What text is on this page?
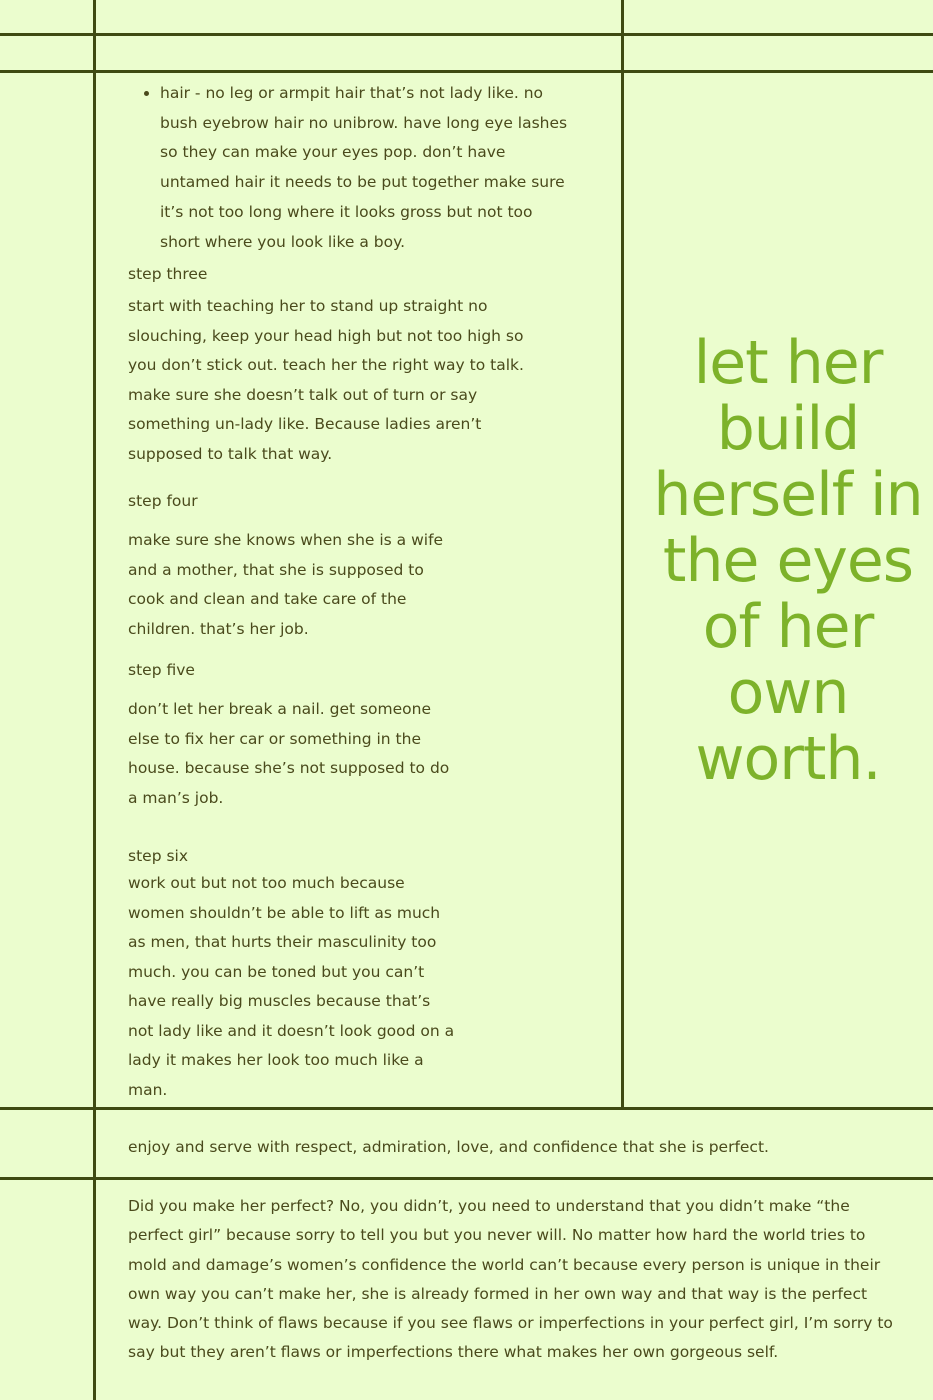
• hair - no leg or armpit hair that’s not lady like. no bush eyebrow hair no unibrow. have long eye lashes so they can make your eyes pop. don’t have untamed hair it needs to be put together make sure it’s not too long where it looks gross but not too short where you look like a boy.

step three

start with teaching her to stand up straight no slouching, keep your head high but not too high so you don’t stick out. teach her the right way to talk. make sure she doesn’t talk out of turn or say something un-lady like. Because ladies aren’t supposed to talk that way.

step four

make sure she knows when she is a wife and a mother, that she is supposed to cook and clean and take care of the children. that’s her job.

step five

don’t let her break a nail. get someone else to fix her car or something in the house. because she’s not supposed to do a man’s job.

step six

work out but not too much because women shouldn’t be able to lift as much as men, that hurts their masculinity too much. you can be toned but you can’t have really big muscles because that’s not lady like and it doesn’t look good on a lady it makes her look too much like a man.

let her build herself in the eyes of her own worth.

enjoy and serve with respect, admiration, love, and confidence that she is perfect.

Did you make her perfect? No, you didn’t, you need to understand that you didn’t make “the perfect girl” because sorry to tell you but you never will. No matter how hard the world tries to mold and damage’s women’s confidence the world can’t because every person is unique in their own way you can’t make her, she is already formed in her own way and that way is the perfect way. Don’t think of flaws because if you see flaws or imperfections in your perfect girl, I’m sorry to say but they aren’t flaws or imperfections there what makes her own gorgeous self.
